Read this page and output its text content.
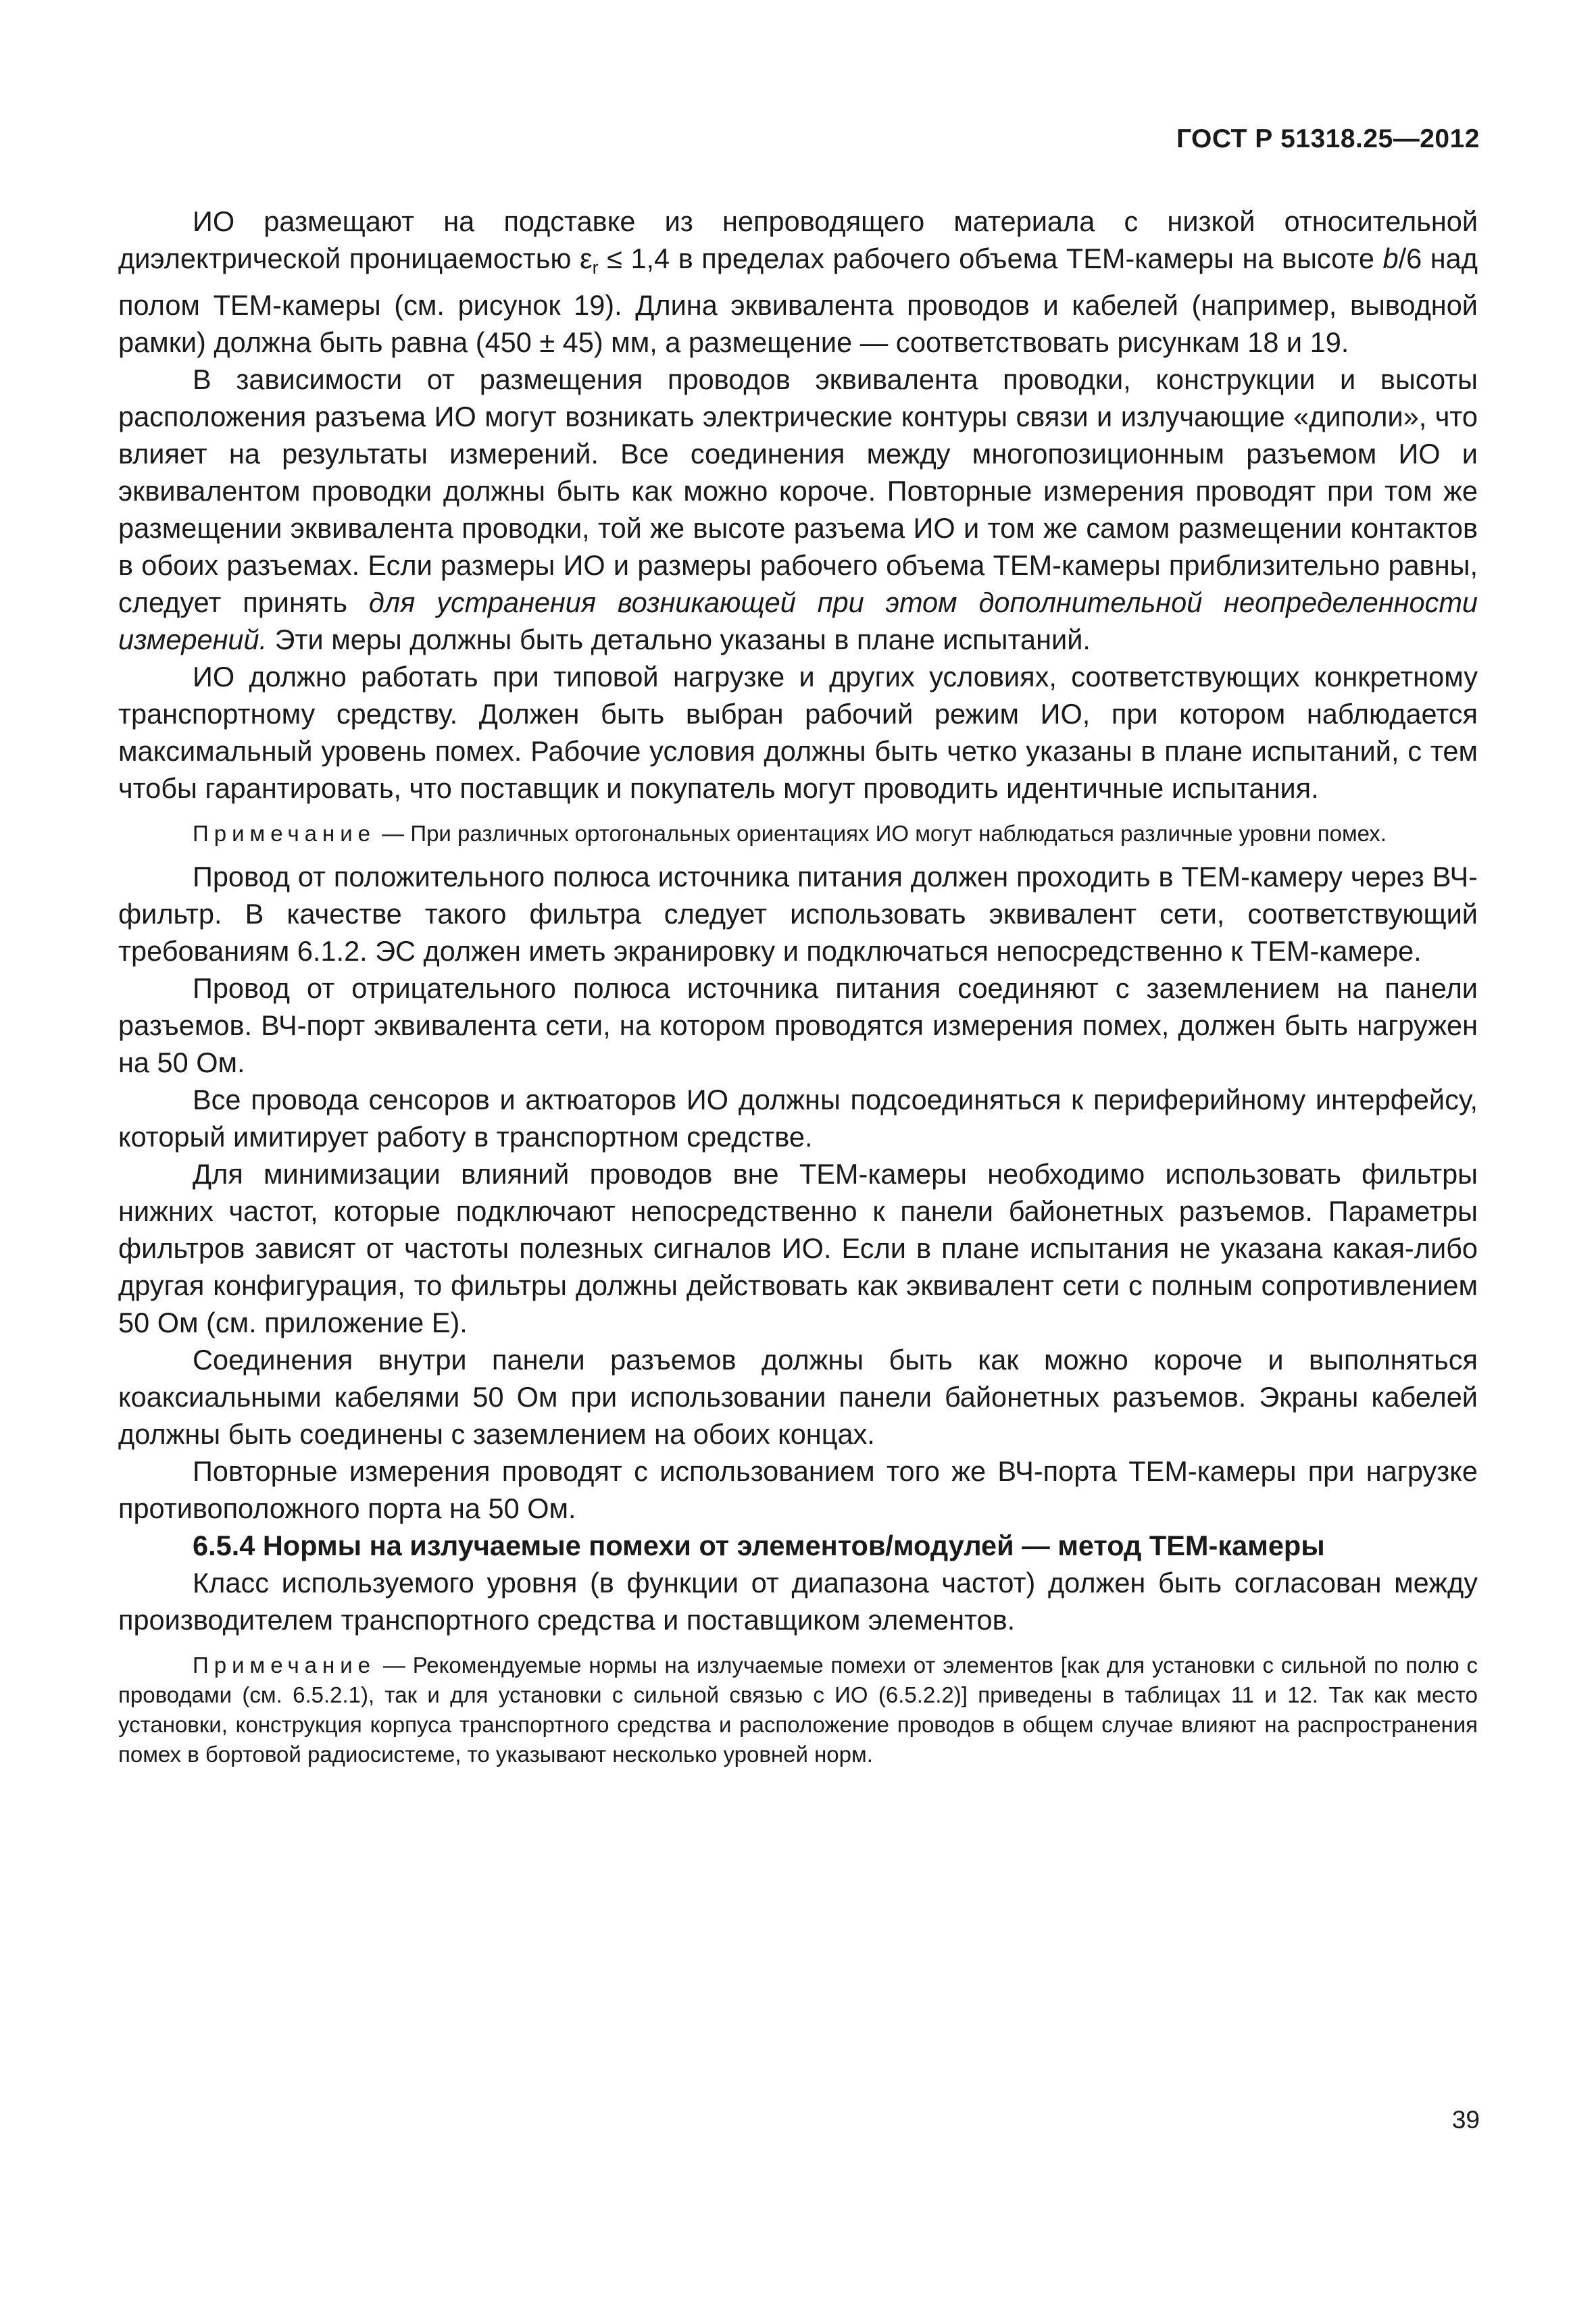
ГОСТ Р 51318.25—2012

ИО размещают на подставке из непроводящего материала с низкой относительной диэлектрической проницаемостью $\varepsilon_r \le 1,4$ в пределах рабочего объема ТЕМ-камеры на высоте b/6 над полом ТЕМ-камеры (см. рисунок 19). Длина эквивалента проводов и кабелей (например, выводной рамки) должна быть равна (450 ± 45) мм, а размещение — соответствовать рисункам 18 и 19.

В зависимости от размещения проводов эквивалента проводки, конструкции и высоты расположения разъема ИО могут возникать электрические контуры связи и излучающие «диполи», что влияет на результаты измерений. Все соединения между многопозиционным разъемом ИО и эквивалентом проводки должны быть как можно короче. Повторные измерения проводят при том же размещении эквивалента проводки, той же высоте разъема ИО и том же самом размещении контактов в обоих разъемах. Если размеры ИО и размеры рабочего объема ТЕМ-камеры приблизительно равны, следует принять для устранения возникающей при этом дополнительной неопределенности измерений. Эти меры должны быть детально указаны в плане испытаний.

ИО должно работать при типовой нагрузке и других условиях, соответствующих конкретному транспортному средству. Должен быть выбран рабочий режим ИО, при котором наблюдается максимальный уровень помех. Рабочие условия должны быть четко указаны в плане испытаний, с тем чтобы гарантировать, что поставщик и покупатель могут проводить идентичные испытания.

Примечание — При различных ортогональных ориентациях ИО могут наблюдаться различные уровни помех.

Провод от положительного полюса источника питания должен проходить в ТЕМ-камеру через ВЧ-фильтр. В качестве такого фильтра следует использовать эквивалент сети, соответствующий требованиям 6.1.2. ЭС должен иметь экранировку и подключаться непосредственно к ТЕМ-камере.

Провод от отрицательного полюса источника питания соединяют с заземлением на панели разъемов. ВЧ-порт эквивалента сети, на котором проводятся измерения помех, должен быть нагружен на 50 Ом.

Все провода сенсоров и актюаторов ИО должны подсоединяться к периферийному интерфейсу, который имитирует работу в транспортном средстве.

Для минимизации влияний проводов вне ТЕМ-камеры необходимо использовать фильтры нижних частот, которые подключают непосредственно к панели байонетных разъемов. Параметры фильтров зависят от частоты полезных сигналов ИО. Если в плане испытания не указана какая-либо другая конфигурация, то фильтры должны действовать как эквивалент сети с полным сопротивлением 50 Ом (см. приложение Е).

Соединения внутри панели разъемов должны быть как можно короче и выполняться коаксиальными кабелями 50 Ом при использовании панели байонетных разъемов. Экраны кабелей должны быть соединены с заземлением на обоих концах.

Повторные измерения проводят с использованием того же ВЧ-порта ТЕМ-камеры при нагрузке противоположного порта на 50 Ом.

6.5.4 Нормы на излучаемые помехи от элементов/модулей — метод ТЕМ-камеры

Класс используемого уровня (в функции от диапазона частот) должен быть согласован между производителем транспортного средства и поставщиком элементов.

Примечание — Рекомендуемые нормы на излучаемые помехи от элементов [как для установки с сильной по полю с проводами (см. 6.5.2.1), так и для установки с сильной связью с ИО (6.5.2.2)] приведены в таблицах 11 и 12. Так как место установки, конструкция корпуса транспортного средства и расположение проводов в общем случае влияют на распространения помех в бортовой радиосистеме, то указывают несколько уровней норм.

39
